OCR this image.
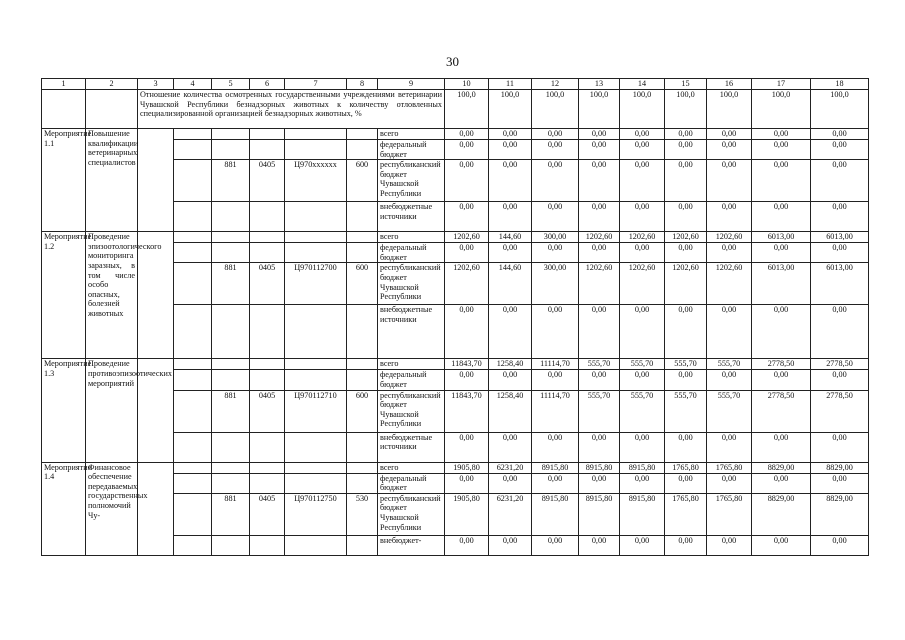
30
1	2	3	4	5	6	7	8	9	10	11	12	13	14	15	16	17	18
		Отношение количества осмотренных государственными учреждениями ветеринарии Чувашской Республики безнадзорных животных к количеству отловленных специализированной организацией безнадзорных животных, %							100,0	100,0	100,0	100,0	100,0	100,0	100,0	100,0	100,0
Мероприятие 1.1	Повышение квалификации ветеринарных специалистов							всего	0,00	0,00	0,00	0,00	0,00	0,00	0,00	0,00	0,00
								федеральный бюджет	0,00	0,00	0,00	0,00	0,00	0,00	0,00	0,00	0,00
				881	0405	Ц970xxxxxx	600	республиканский бюджет Чувашской Республики	0,00	0,00	0,00	0,00	0,00	0,00	0,00	0,00	0,00
								внебюджетные источники	0,00	0,00	0,00	0,00	0,00	0,00	0,00	0,00	0,00
Мероприятие 1.2	Проведение эпизоотологического мониторинга заразных, в том числе особо опасных, болезней животных							всего	1202,60	144,60	300,00	1202,60	1202,60	1202,60	1202,60	6013,00	6013,00
								федеральный бюджет	0,00	0,00	0,00	0,00	0,00	0,00	0,00	0,00	0,00
				881	0405	Ц970112700	600	республиканский бюджет Чувашской Республики	1202,60	144,60	300,00	1202,60	1202,60	1202,60	1202,60	6013,00	6013,00
								внебюджетные источники	0,00	0,00	0,00	0,00	0,00	0,00	0,00	0,00	0,00
Мероприятие 1.3	Проведение противоэпизоотических мероприятий							всего	11843,70	1258,40	11114,70	555,70	555,70	555,70	555,70	2778,50	2778,50
								федеральный бюджет	0,00	0,00	0,00	0,00	0,00	0,00	0,00	0,00	0,00
				881	0405	Ц970112710	600	республиканский бюджет Чувашской Республики	11843,70	1258,40	11114,70	555,70	555,70	555,70	555,70	2778,50	2778,50
								внебюджетные источники	0,00	0,00	0,00	0,00	0,00	0,00	0,00	0,00	0,00
Мероприятие 1.4	Финансовое обеспечение передаваемых государственных полномочий Чу-							всего	1905,80	6231,20	8915,80	8915,80	8915,80	1765,80	1765,80	8829,00	8829,00
								федеральный бюджет	0,00	0,00	0,00	0,00	0,00	0,00	0,00	0,00	0,00
				881	0405	Ц970112750	530	республиканский бюджет Чувашской Республики	1905,80	6231,20	8915,80	8915,80	8915,80	1765,80	1765,80	8829,00	8829,00
								внебюджет-	0,00	0,00	0,00	0,00	0,00	0,00	0,00	0,00	0,00
